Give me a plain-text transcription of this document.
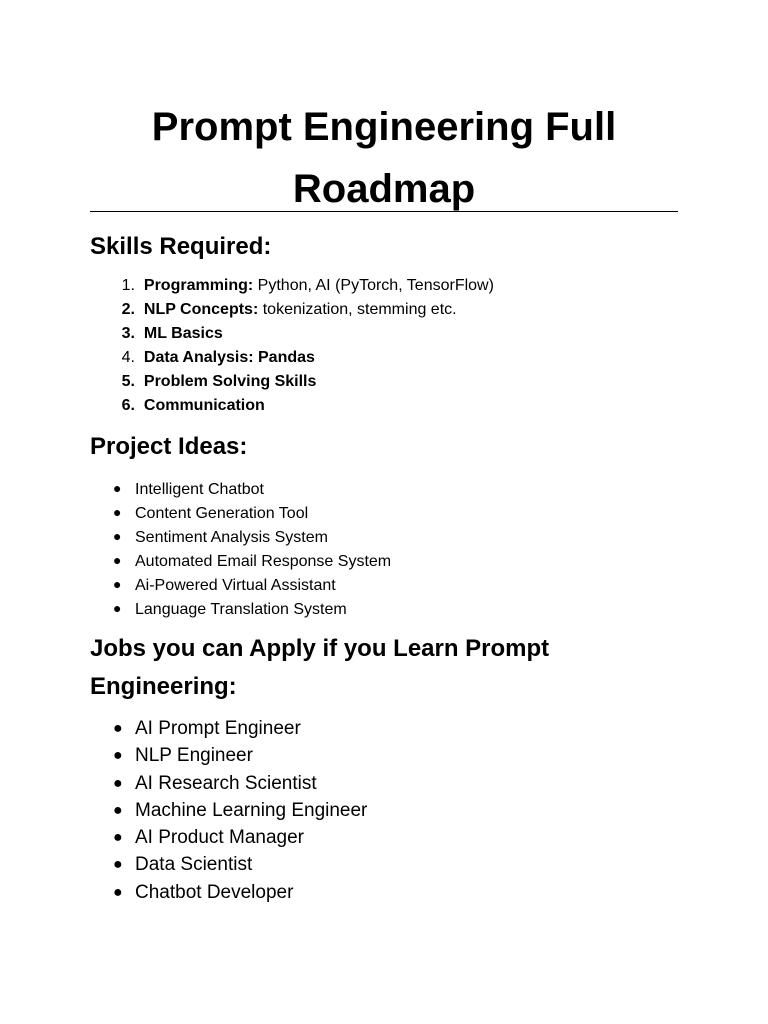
Prompt Engineering Full Roadmap
Skills Required:
1. Programming: Python, AI (PyTorch, TensorFlow)
2. NLP Concepts: tokenization, stemming etc.
3. ML Basics
4. Data Analysis: Pandas
5. Problem Solving Skills
6. Communication
Project Ideas:
● Intelligent Chatbot
● Content Generation Tool
● Sentiment Analysis System
● Automated Email Response System
● Ai-Powered Virtual Assistant
● Language Translation System
Jobs you can Apply if you Learn Prompt Engineering:
● AI Prompt Engineer
● NLP Engineer
● AI Research Scientist
● Machine Learning Engineer
● AI Product Manager
● Data Scientist
● Chatbot Developer
